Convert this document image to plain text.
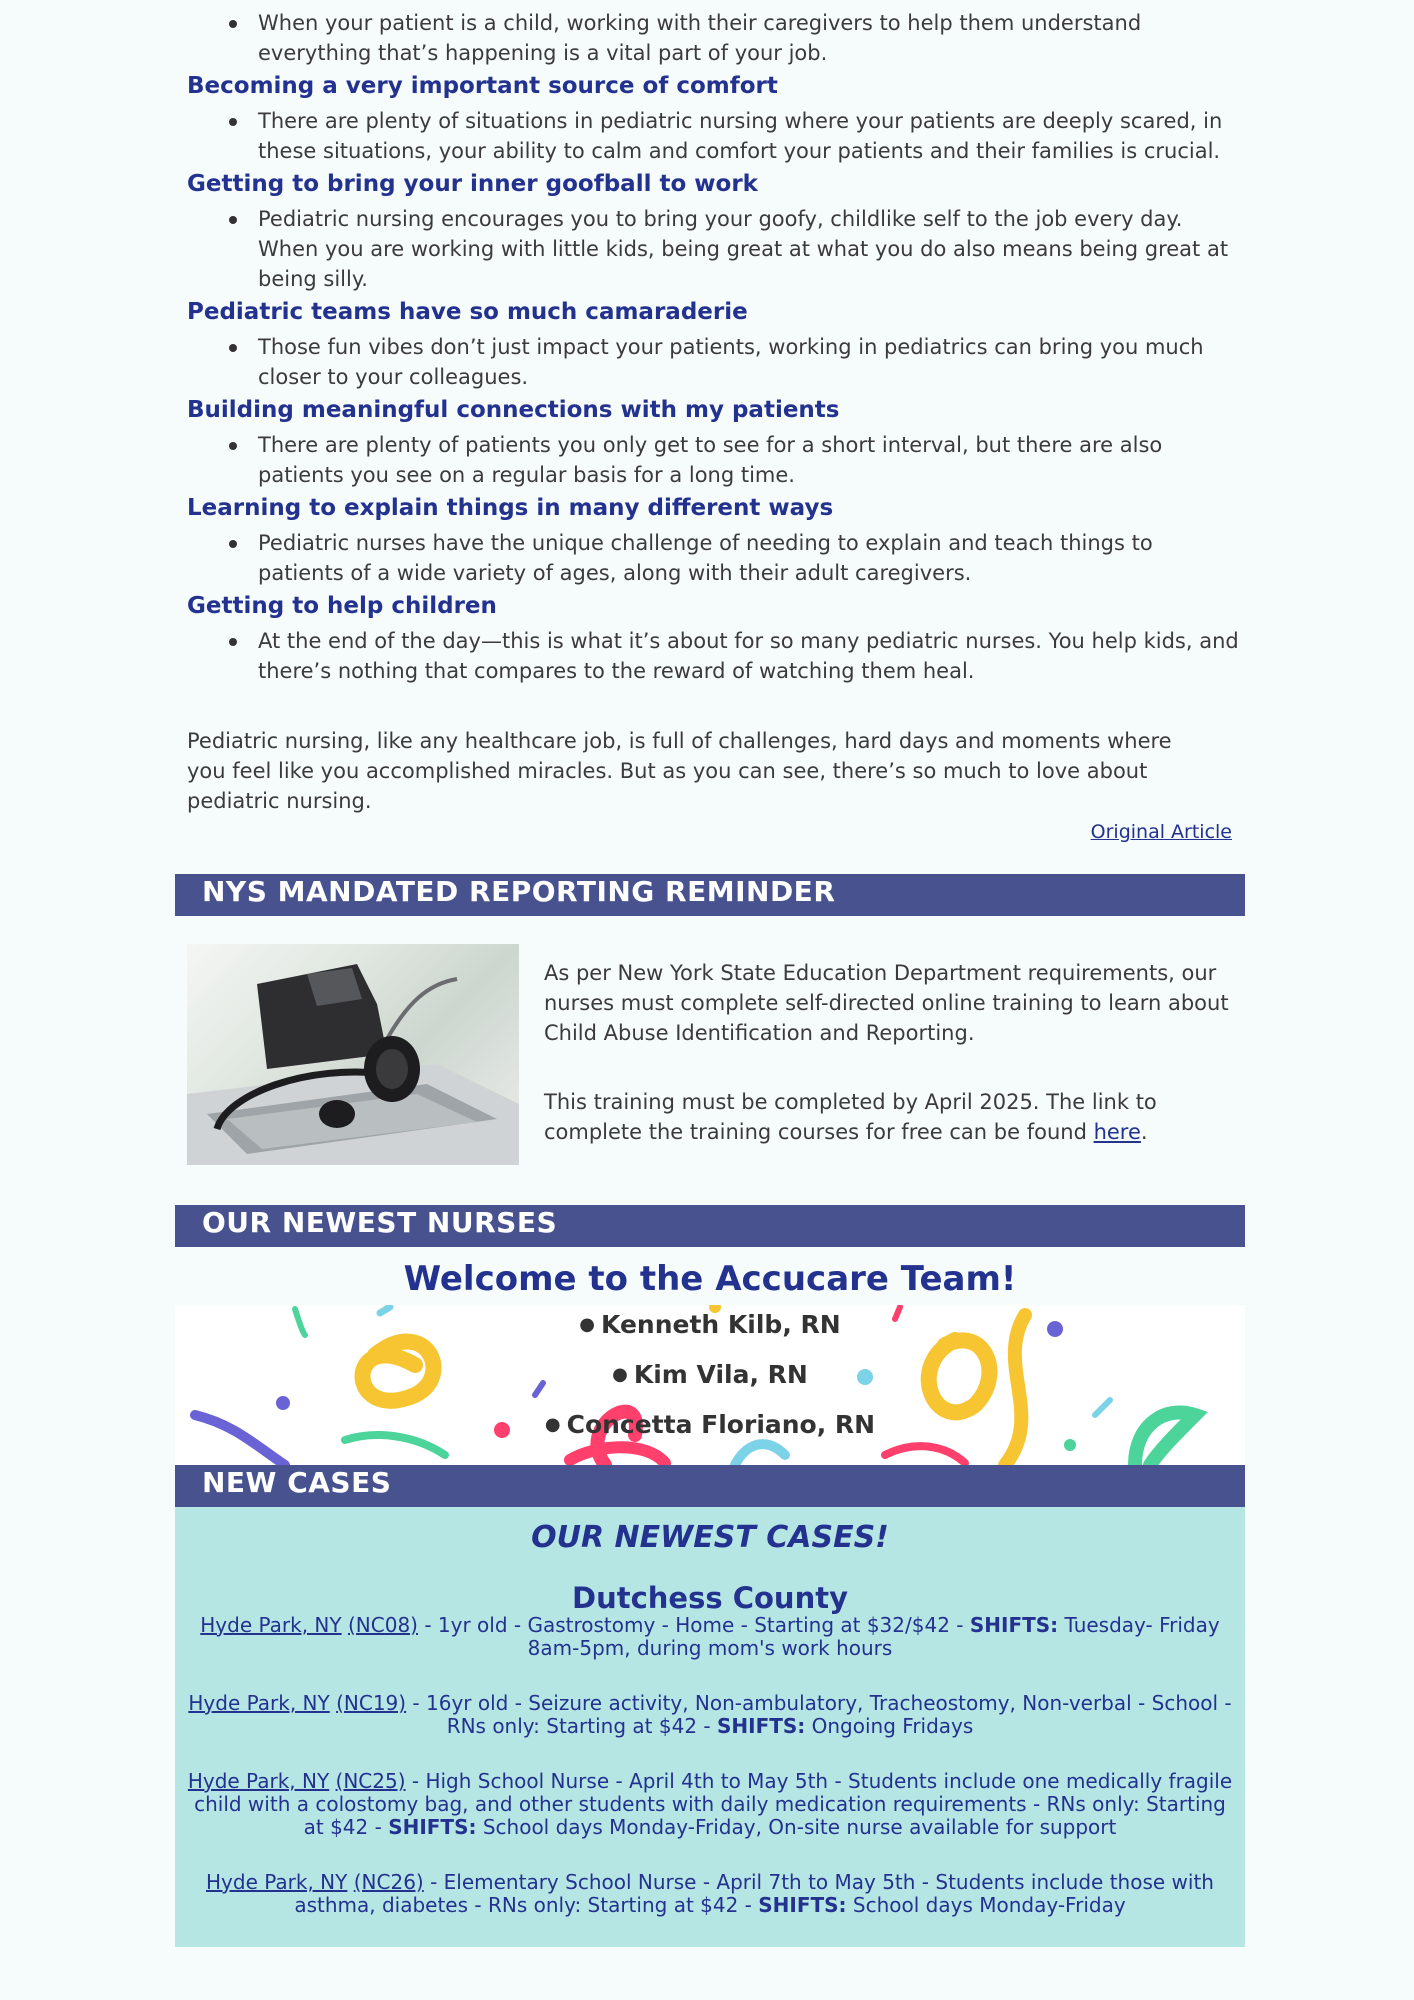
When your patient is a child, working with their caregivers to help them understand everything that’s happening is a vital part of your job.
Becoming a very important source of comfort
There are plenty of situations in pediatric nursing where your patients are deeply scared, in these situations, your ability to calm and comfort your patients and their families is crucial.
Getting to bring your inner goofball to work
Pediatric nursing encourages you to bring your goofy, childlike self to the job every day. When you are working with little kids, being great at what you do also means being great at being silly.
Pediatric teams have so much camaraderie
Those fun vibes don’t just impact your patients, working in pediatrics can bring you much closer to your colleagues.
Building meaningful connections with my patients
There are plenty of patients you only get to see for a short interval, but there are also patients you see on a regular basis for a long time.
Learning to explain things in many different ways
Pediatric nurses have the unique challenge of needing to explain and teach things to patients of a wide variety of ages, along with their adult caregivers.
Getting to help children
At the end of the day—this is what it’s about for so many pediatric nurses. You help kids, and there’s nothing that compares to the reward of watching them heal.

Pediatric nursing, like any healthcare job, is full of challenges, hard days and moments where you feel like you accomplished miracles. But as you can see, there’s so much to love about pediatric nursing.

Original Article
NYS MANDATED REPORTING REMINDER

As per New York State Education Department requirements, our nurses must complete self-directed online training to learn about Child Abuse Identification and Reporting.

This training must be completed by April 2025. The link to complete the training courses for free can be found here.

OUR NEWEST NURSES
Welcome to the Accucare Team!
● Kenneth Kilb, RN
● Kim Vila, RN
● Concetta Floriano, RN
NEW CASES
OUR NEWEST CASES!
Dutchess County
Hyde Park, NY (NC08) - 1yr old - Gastrostomy - Home - Starting at $32/$42 - SHIFTS: Tuesday- Friday 8am-5pm, during mom's work hours
Hyde Park, NY (NC19) - 16yr old - Seizure activity, Non-ambulatory, Tracheostomy, Non-verbal - School - RNs only: Starting at $42 - SHIFTS: Ongoing Fridays
Hyde Park, NY (NC25) - High School Nurse - April 4th to May 5th - Students include one medically fragile child with a colostomy bag, and other students with daily medication requirements - RNs only: Starting at $42 - SHIFTS: School days Monday-Friday, On-site nurse available for support
Hyde Park, NY (NC26) - Elementary School Nurse - April 7th to May 5th - Students include those with asthma, diabetes - RNs only: Starting at $42 - SHIFTS: School days Monday-Friday
